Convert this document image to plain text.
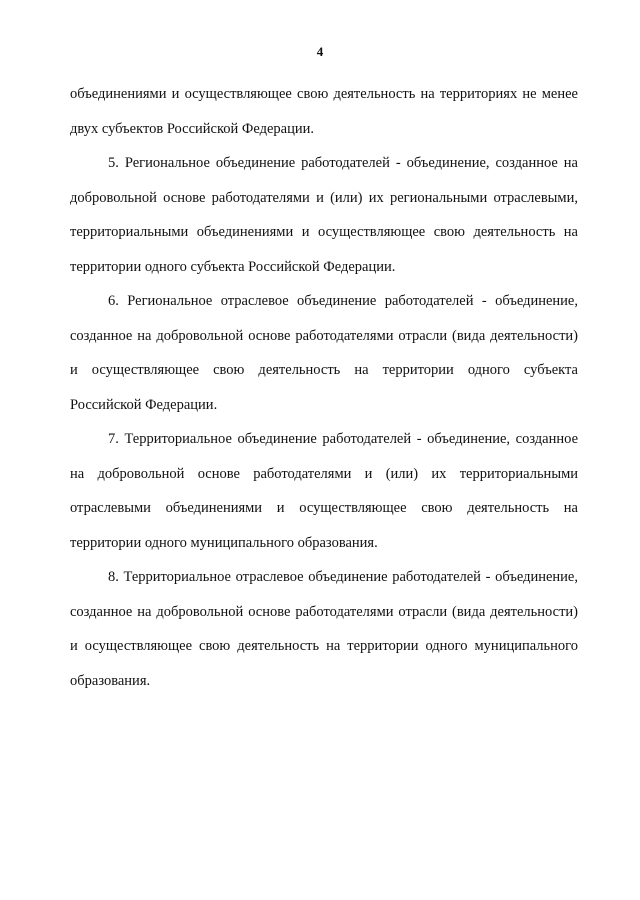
4

объединениями и осуществляющее свою деятельность на территориях не менее двух субъектов Российской Федерации.

5. Региональное объединение работодателей - объединение, созданное на добровольной основе работодателями и (или) их региональными отраслевыми, территориальными объединениями и осуществляющее свою деятельность на территории одного субъекта Российской Федерации.

6. Региональное отраслевое объединение работодателей - объединение, созданное на добровольной основе работодателями отрасли (вида деятельности) и осуществляющее свою деятельность на территории одного субъекта Российской Федерации.

7. Территориальное объединение работодателей - объединение, созданное на добровольной основе работодателями и (или) их территориальными отраслевыми объединениями и осуществляющее свою деятельность на территории одного муниципального образования.

8. Территориальное отраслевое объединение работодателей - объединение, созданное на добровольной основе работодателями отрасли (вида деятельности) и осуществляющее свою деятельность на территории одного муниципального образования.
